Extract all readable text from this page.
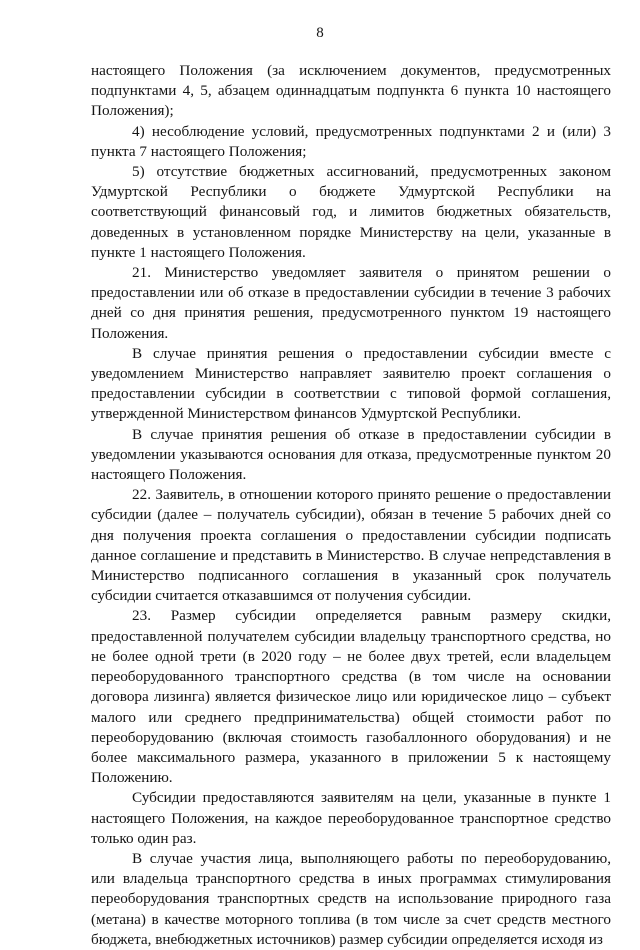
8

настоящего Положения (за исключением документов, предусмотренных подпунктами 4, 5, абзацем одиннадцатым подпункта 6 пункта 10 настоящего Положения);

4) несоблюдение условий, предусмотренных подпунктами 2 и (или) 3 пункта 7 настоящего Положения;

5) отсутствие бюджетных ассигнований, предусмотренных законом Удмуртской Республики о бюджете Удмуртской Республики на соответствующий финансовый год, и лимитов бюджетных обязательств, доведенных в установленном порядке Министерству на цели, указанные в пункте 1 настоящего Положения.

21. Министерство уведомляет заявителя о принятом решении о предоставлении или об отказе в предоставлении субсидии в течение 3 рабочих дней со дня принятия решения, предусмотренного пунктом 19 настоящего Положения.

В случае принятия решения о предоставлении субсидии вместе с уведомлением Министерство направляет заявителю проект соглашения о предоставлении субсидии в соответствии с типовой формой соглашения, утвержденной Министерством финансов Удмуртской Республики.

В случае принятия решения об отказе в предоставлении субсидии в уведомлении указываются основания для отказа, предусмотренные пунктом 20 настоящего Положения.

22. Заявитель, в отношении которого принято решение о предоставлении субсидии (далее – получатель субсидии), обязан в течение 5 рабочих дней со дня получения проекта соглашения о предоставлении субсидии подписать данное соглашение и представить в Министерство. В случае непредставления в Министерство подписанного соглашения в указанный срок получатель субсидии считается отказавшимся от получения субсидии.

23. Размер субсидии определяется равным размеру скидки, предоставленной получателем субсидии владельцу транспортного средства, но не более одной трети (в 2020 году – не более двух третей, если владельцем переоборудованного транспортного средства (в том числе на основании договора лизинга) является физическое лицо или юридическое лицо – субъект малого или среднего предпринимательства) общей стоимости работ по переоборудованию (включая стоимость газобаллонного оборудования) и не более максимального размера, указанного в приложении 5 к настоящему Положению.

Субсидии предоставляются заявителям на цели, указанные в пункте 1 настоящего Положения, на каждое переоборудованное транспортное средство только один раз.

В случае участия лица, выполняющего работы по переоборудованию, или владельца транспортного средства в иных программах стимулирования переоборудования транспортных средств на использование природного газа (метана) в качестве моторного топлива (в том числе за счет средств местного бюджета, внебюджетных источников) размер субсидии определяется исходя из
